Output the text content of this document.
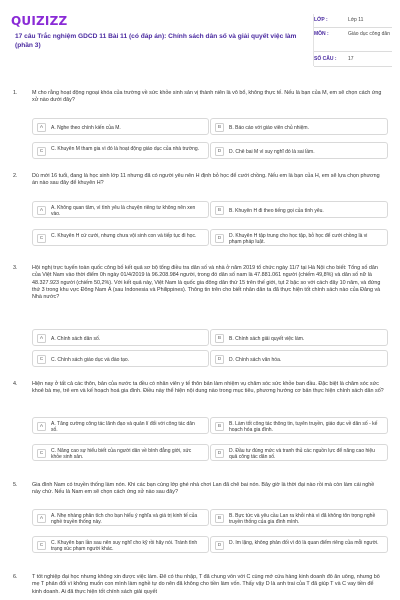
QUIZIZZ
17 câu Trắc nghiệm GDCD 11 Bài 11 (có đáp án): Chính sách dân số và giải quyết việc làm (phần 3)
LỚP :	Lớp 11
MÔN :	Giáo dục công dân
SỐ CÂU : 17
1.	M cho rằng hoạt động ngoại khóa của trường về sức khỏe sinh sản vị thành niên là vô bổ, không thực tế. Nếu là bạn của M, em sẽ chọn cách ứng xử nào dưới đây?
A	A. Nghe theo chính kiến của M.	B	B. Báo cáo với giáo viên chủ nhiệm.
C	C. Khuyên M tham gia vì đó là hoạt động giáo dục của nhà trường.	D	D. Chê bai M vì suy nghĩ đó là sai lầm.
2.	Dù mới 16 tuổi, đang là học sinh lớp 11 nhưng đã có người yêu nên H định bỏ học để cưới chồng. Nếu em là bạn của H, em sẽ lựa chọn phương án nào sau đây để khuyên H?
A	A. Không quan tâm, vì tình yêu là chuyện riêng tư không nên xen vào.
B	B. Khuyên H đi theo tiếng gọi của tình yêu.
C	C. Khuyên H cứ cưới, nhưng chưa vội sinh con và tiếp tục đi học.	D	D. Khuyên H tập trung cho học tập, bỏ học để cưới chồng là vi phạm pháp luật.
3.	Hội nghị trực tuyến toàn quốc công bố kết quả sơ bộ tổng điều tra dân số và nhà ở năm 2019 tổ chức ngày 11/7 tại Hà Nội cho biết: Tổng số dân của Việt Nam vào thời điểm 0h ngày 01/4/2019 là 96.208.984 người, trong đó dân số nam là 47.881.061 người (chiếm 49,8%) và dân số nữ là 48.327.923 người (chiếm 50,2%). Với kết quả này, Việt Nam là quốc gia đông dân thứ 15 trên thế giới, tụt 2 bậc so với cách đây 10 năm, và đứng thứ 3 trong khu vực Đông Nam Á (sau Indonesia và Philippines). Thông tin trên cho biết nhân dân ta đã thực hiện tốt chính sách nào của Đảng và Nhà nước?
A	A. Chính sách dân số.	B	B. Chính sách giải quyết việc làm.
C	C. Chính sách giáo dục và đào tạo.	D	D. Chính sách văn hóa.
4.	Hiện nay ở tất cả các thôn, bản của nước ta đều có nhân viên y tế thôn bản làm nhiệm vụ chăm sóc sức khỏe ban đầu. Đặc biệt là chăm sóc sức khoẻ bà mẹ, trẻ em và kế hoạch hoá gia đình. Điều này thể hiện nội dung nào trong mục tiêu, phương hướng cơ bản thực hiện chính sách dân số?
A	A. Tăng cường công tác lãnh đạo và quản lí đối với công tác dân số.
B	B. Làm tốt công tác thông tin, tuyên truyền, giáo dục về dân số - kế hoạch hóa gia đình.
C	C. Nâng cao sự hiểu biết của người dân về bình đẳng giới, sức khỏe sinh sản.
D	D. Đầu tư đúng mức và tranh thủ các nguồn lực để nâng cao hiệu quả công tác dân số.
5.	Gia đình Nam có truyền thống làm nón. Khi các bạn cùng lớp ghé nhà chơi Lan đã chê bai nón. Bây giờ là thời đại nào rồi mà còn làm cái nghề này chứ. Nếu là Nam em sẽ chọn cách ứng xử nào sau đây?
A	A. Nhẹ nhàng phân tích cho bạn hiểu ý nghĩa và giá trị kinh tế của nghề truyền thống này.
B	B. Bực tức và yêu cầu Lan ra khỏi nhà vì đã không tôn trọng nghề truyền thống của gia đình mình.
C	C. Khuyên bạn lần sau nên suy nghĩ cho kỹ rồi hãy nói. Tránh tình trạng xúc phạm người khác.
D	D. Im lặng, không phản đối vì đó là quan điểm riêng của mỗi người.
6.	T tốt nghiệp đại học nhưng không xin được việc làm. Để có thu nhập, T đã chung vốn với C cùng mở cửa hàng kinh doanh đồ ăn uống, nhưng bố mẹ T phản đối vì không muốn con mình làm nghề tự do nên đã không cho tiền làm vốn. Thấy vậy D là anh trai của T đã giúp T và C vay tiền để kinh doanh. Ai đã thực hiện tốt chính sách giải quyết
